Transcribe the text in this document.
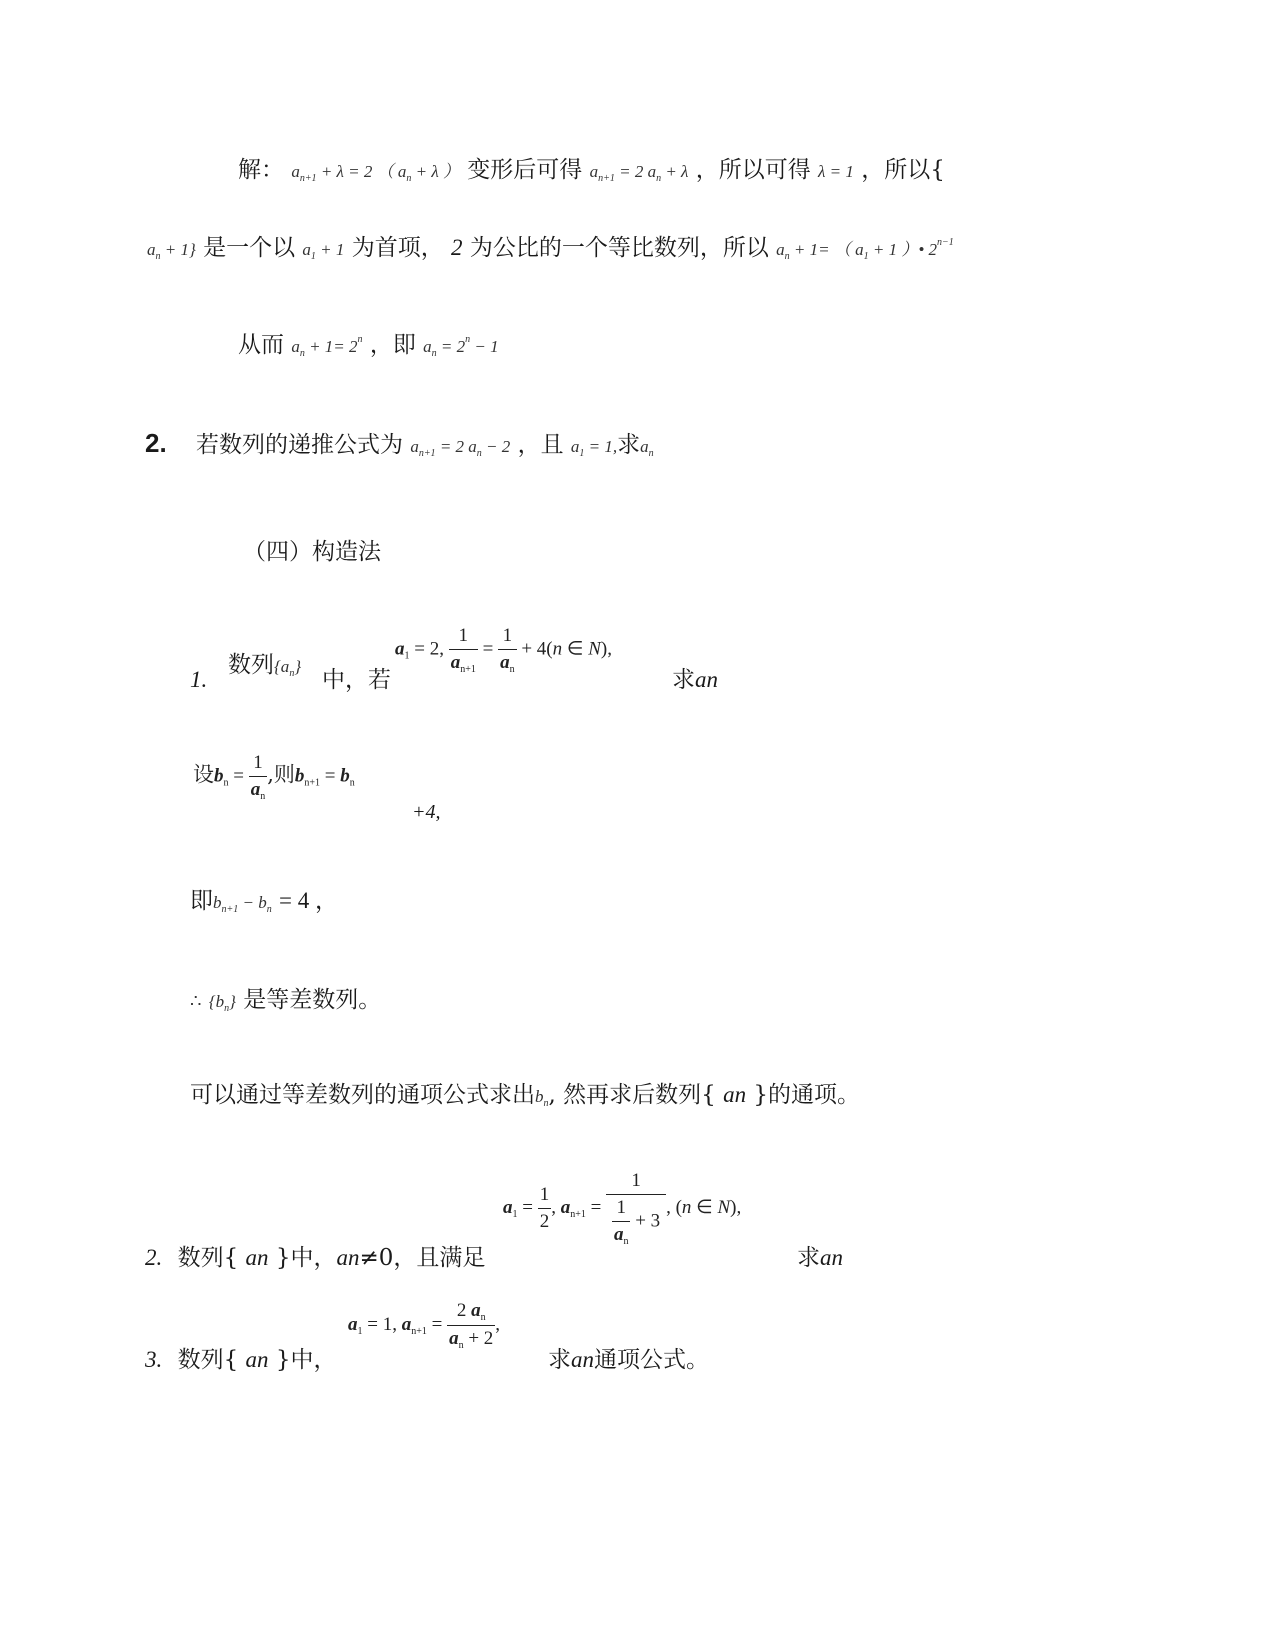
解： $a_{n+1} + \lambda = 2$ （ $a_n + \lambda$ ） 变形后可得 $a_{n+1} = 2$ $a_n + \lambda$ ，所以可得 λ = 1 ，所以{
$a_n + 1$} 是一个以 $a_1 + 1$ 为首项， 2 为公比的一个等比数列，所以 $a_n + 1=$ （ $a_1 + 1$ ）• $2^{n-1}$
从而 $a_n + 1= 2^n$ ，即 $a_n = 2^n - 1$
2. 若数列的递推公式为 $a_{n+1} = 2$ $a_n - 2$ ，且 $a_1 = 1$,求$a_n$
（四）构造法
1.
数列$\{a_n\}$
中，若
$a_1 = 2$, $\frac{1}{a_{n+1}} = \frac{1}{a_n} + 4(n$ ∈ N),
求an
设$b_n = \frac{1}{a_n}$ ,则$b_{n+1} = b_n$
+4,
即$b_{n+1} - b_n = 4$ ，
∴ $\{b_n\}$ 是等差数列。
可以通过等差数列的通项公式求出$b_n$, 然再求后数列{ an }的通项。
$a_1 = \frac{1}{2}$ , $a_{n+1} = \frac{1}{\frac{1}{a_n} + 3}$ , (n ∈ N),
2. 数列{ an }中，an≠0，且满足	求an
3. 数列{ an }中，
$a_1 = 1$, $a_{n+1} = \frac{2 a_n}{a_n + 2}$ ,
求an通项公式。
